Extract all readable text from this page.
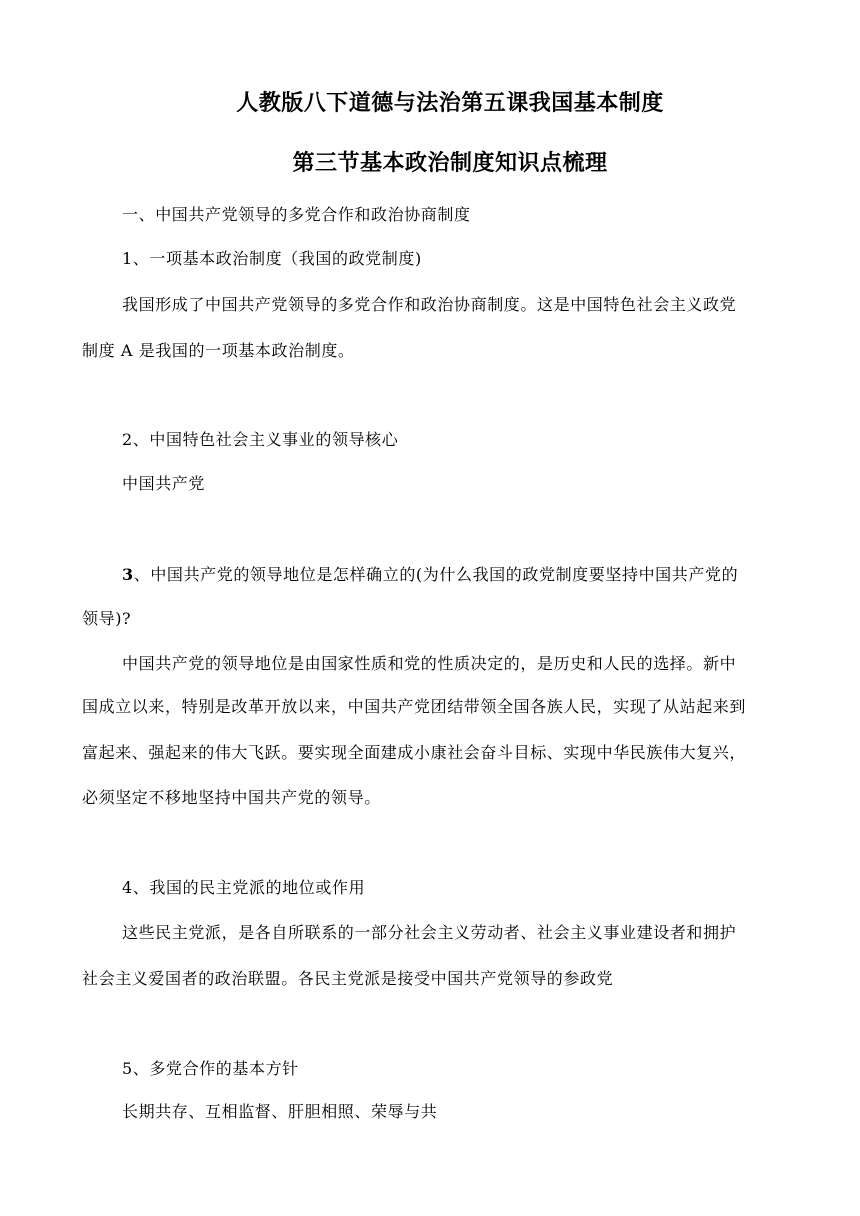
人教版八下道德与法治第五课我国基本制度
第三节基本政治制度知识点梳理
一、中国共产党领导的多党合作和政治协商制度
1、一项基本政治制度（我国的政党制度)
我国形成了中国共产党领导的多党合作和政治协商制度。这是中国特色社会主义政党
制度 A 是我国的一项基本政治制度。
2、中国特色社会主义事业的领导核心
中国共产党
3、中国共产党的领导地位是怎样确立的(为什么我国的政党制度要坚持中国共产党的
领导)?
中国共产党的领导地位是由国家性质和党的性质决定的，是历史和人民的选择。新中
国成立以来，特别是改革开放以来，中国共产党团结带领全国各族人民，实现了从站起来到
富起来、强起来的伟大飞跃。要实现全面建成小康社会奋斗目标、实现中华民族伟大复兴，
必须坚定不移地坚持中国共产党的领导。
4、我国的民主党派的地位或作用
这些民主党派，是各自所联系的一部分社会主义劳动者、社会主义事业建设者和拥护
社会主义爱国者的政治联盟。各民主党派是接受中国共产党领导的参政党
5、多党合作的基本方针
长期共存、互相监督、肝胆相照、荣辱与共
